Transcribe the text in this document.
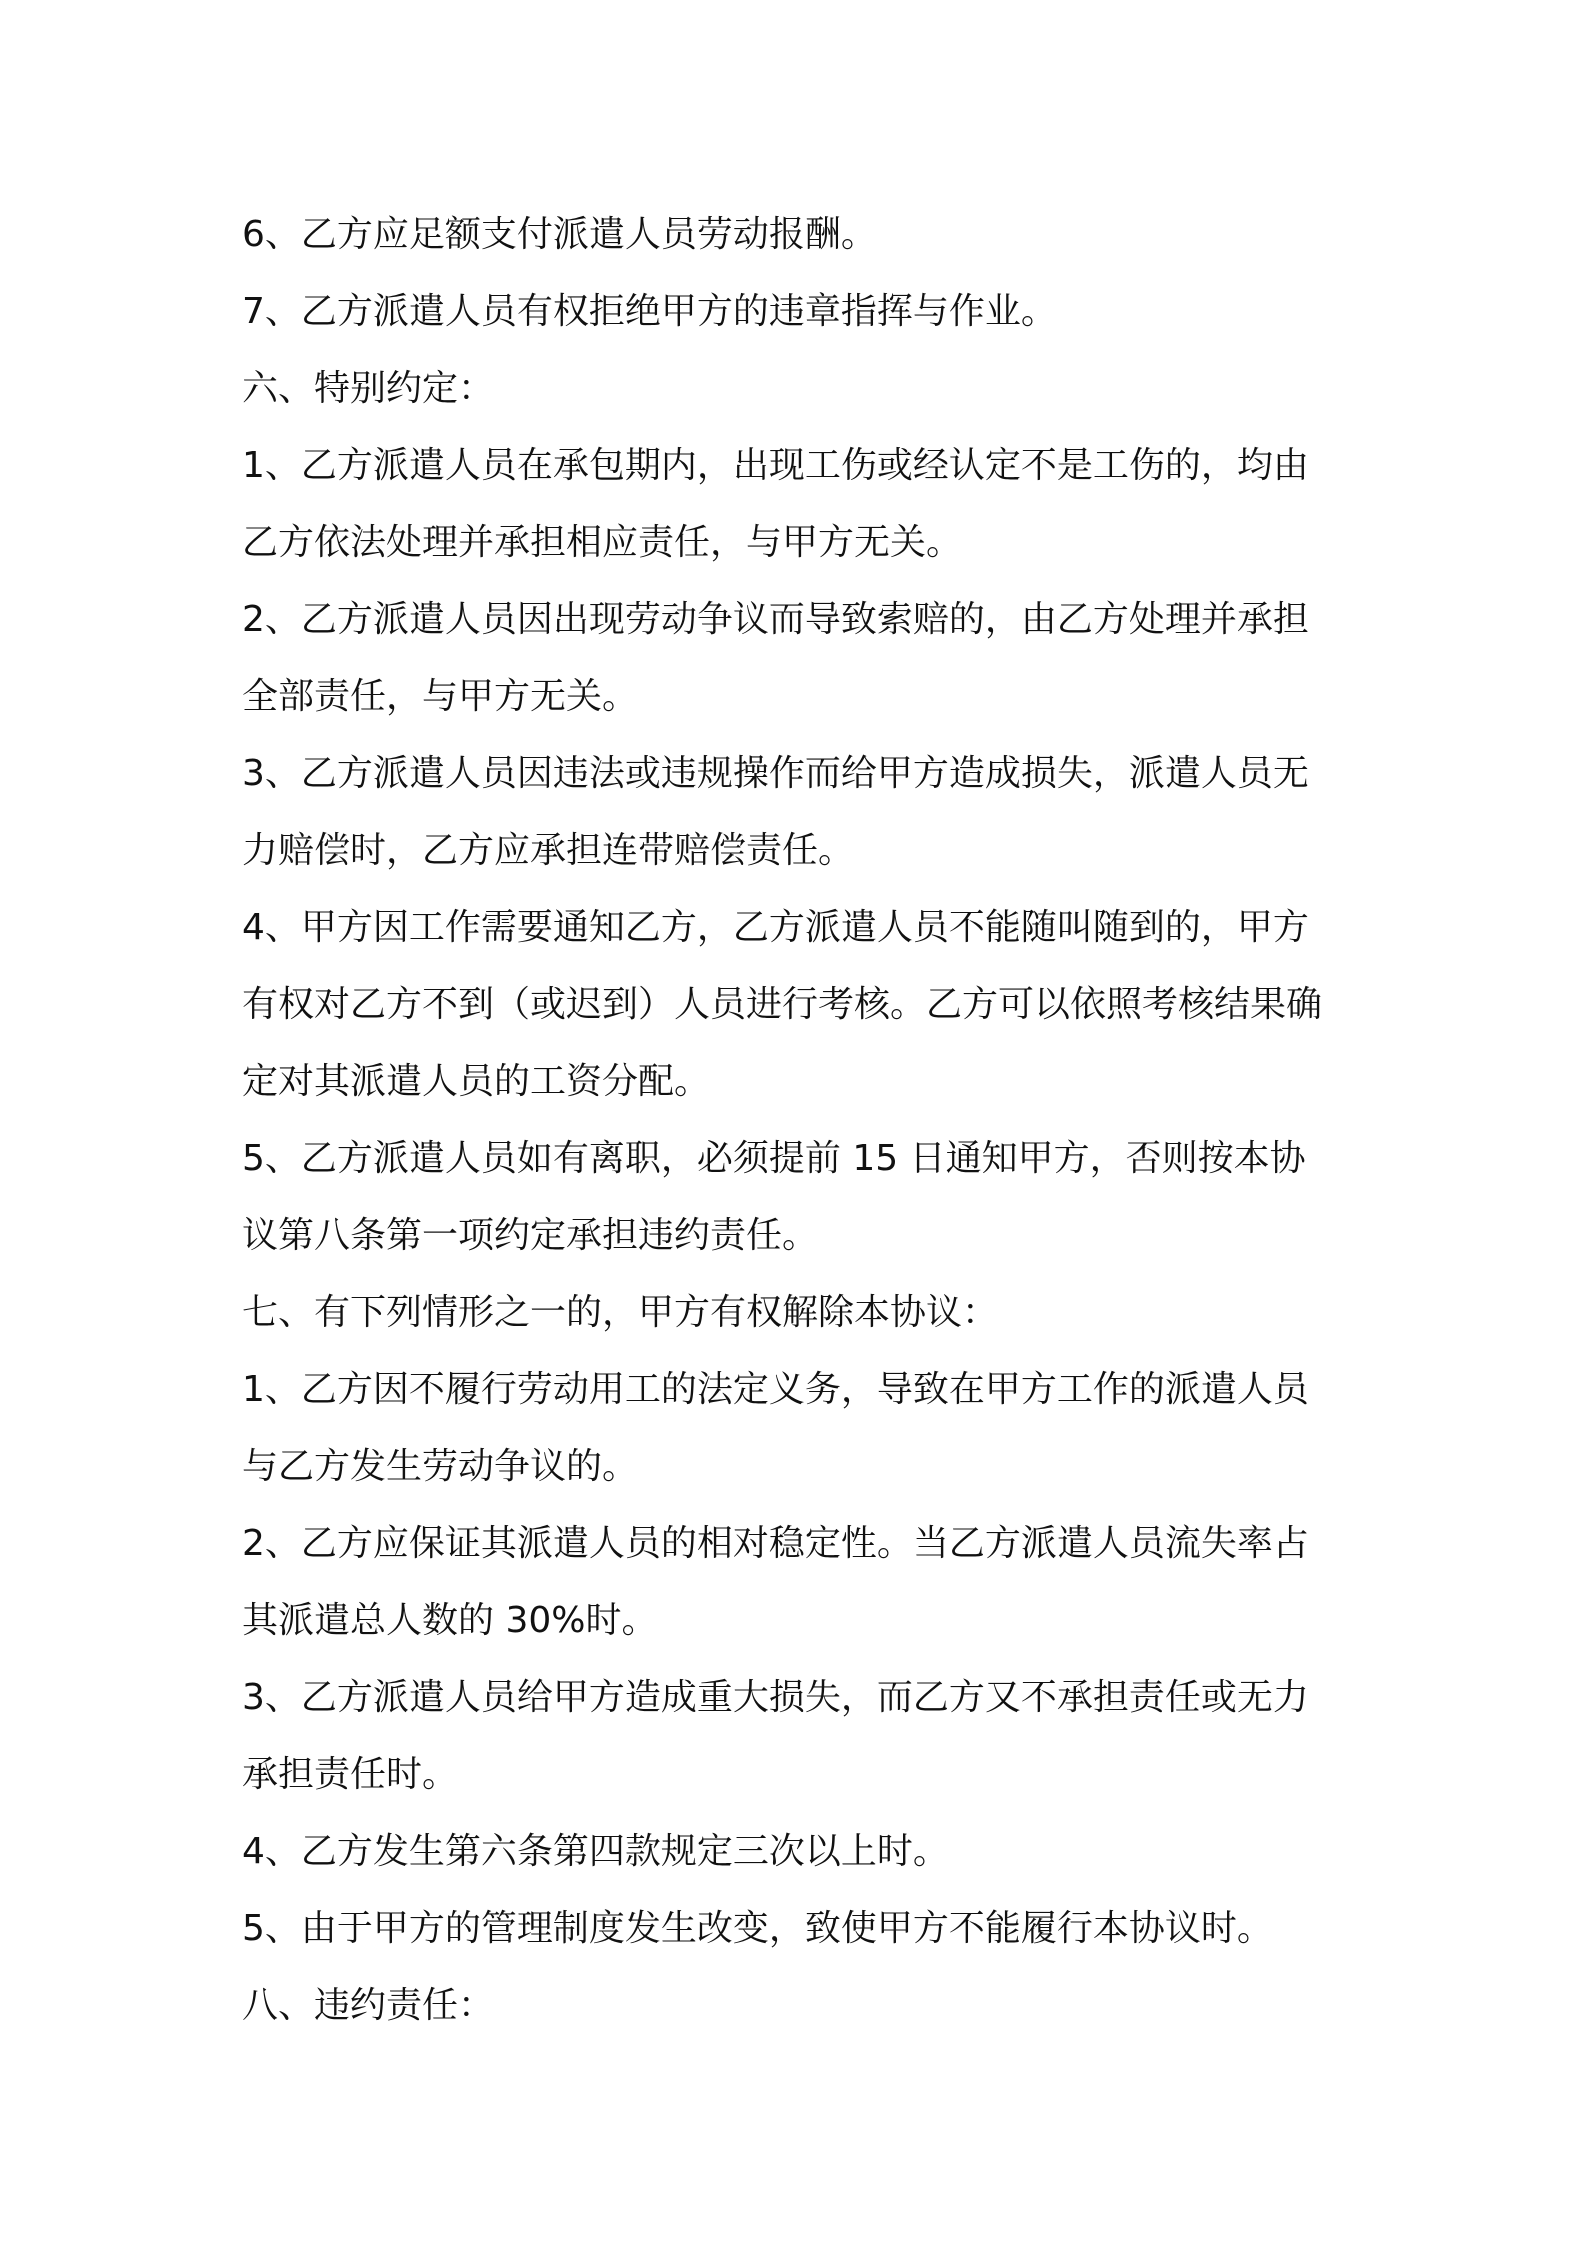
6、乙方应足额支付派遣人员劳动报酬。

7、乙方派遣人员有权拒绝甲方的违章指挥与作业。

六、特别约定：

1、乙方派遣人员在承包期内，出现工伤或经认定不是工伤的，均由

乙方依法处理并承担相应责任，与甲方无关。

2、乙方派遣人员因出现劳动争议而导致索赔的，由乙方处理并承担

全部责任，与甲方无关。

3、乙方派遣人员因违法或违规操作而给甲方造成损失，派遣人员无

力赔偿时，乙方应承担连带赔偿责任。

4、甲方因工作需要通知乙方，乙方派遣人员不能随叫随到的，甲方

有权对乙方不到（或迟到）人员进行考核。乙方可以依照考核结果确

定对其派遣人员的工资分配。

5、乙方派遣人员如有离职，必须提前 15 日通知甲方，否则按本协

议第八条第一项约定承担违约责任。

七、有下列情形之一的，甲方有权解除本协议：

1、乙方因不履行劳动用工的法定义务，导致在甲方工作的派遣人员

与乙方发生劳动争议的。

2、乙方应保证其派遣人员的相对稳定性。当乙方派遣人员流失率占

其派遣总人数的 30%时。

3、乙方派遣人员给甲方造成重大损失，而乙方又不承担责任或无力

承担责任时。

4、乙方发生第六条第四款规定三次以上时。

5、由于甲方的管理制度发生改变，致使甲方不能履行本协议时。

八、违约责任：
